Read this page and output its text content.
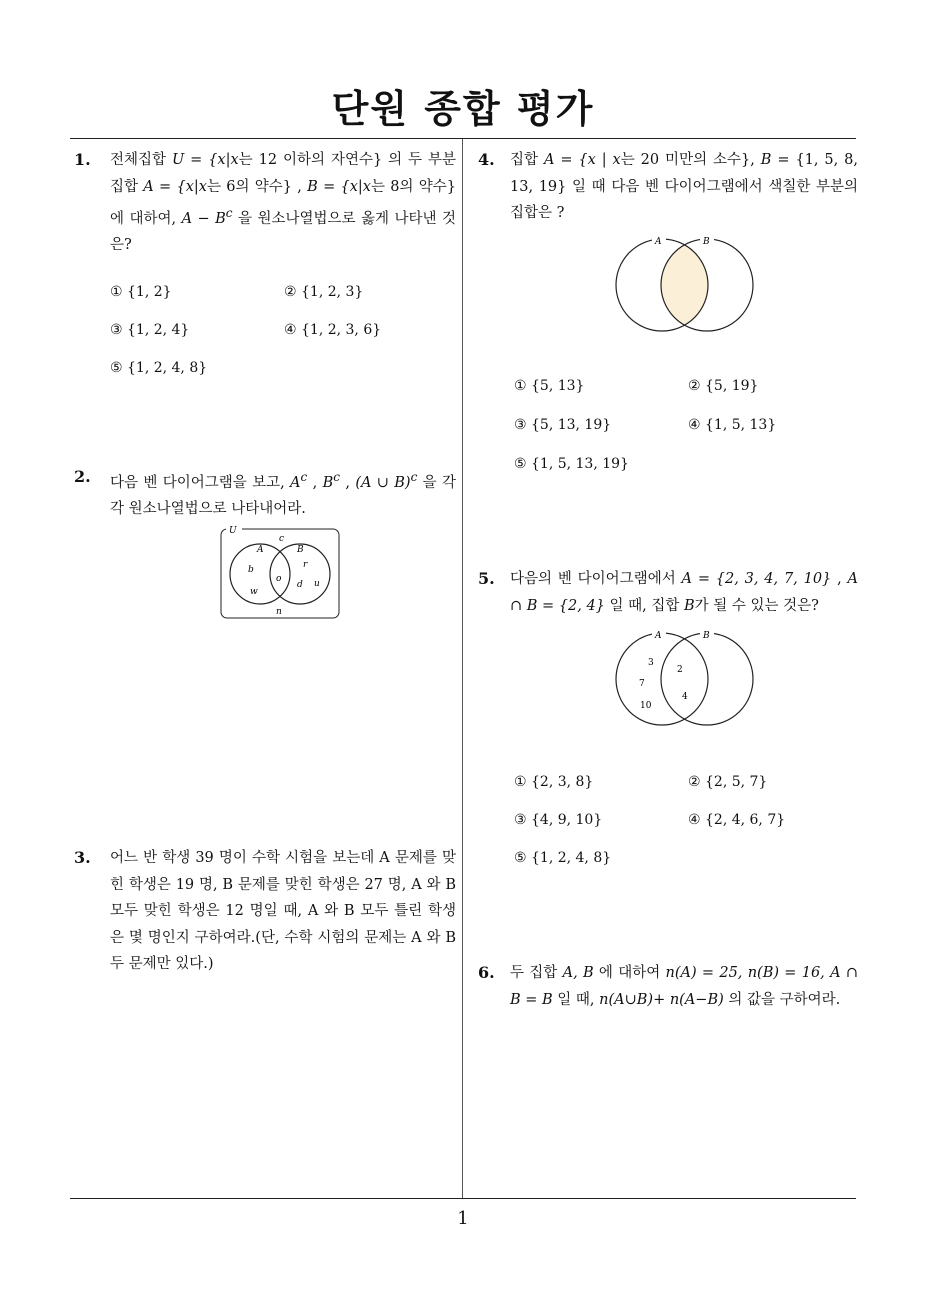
단원 종합 평가
1
1. 전체집합 U = {x|x는 12 이하의 자연수} 의 두 부분 집합 A = {x|x는 6의 약수} , B = {x|x는 8의 약수} 에 대하여, $A - B^c$ 을 원소나열법으로 옳게 나타낸 것은?
① {1, 2}	② {1, 2, 3}
③ {1, 2, 4}	④ {1, 2, 3, 6}
⑤ {1, 2, 4, 8}
2. 다음 벤 다이어그램을 보고, $A^c$ , $B^c$ , (A ∪ B)$^c$ 을 각각 원소나열법으로 나타내어라.
U
A	B
c
b
w
o
r
d u
n
3. 어느 반 학생 39 명이 수학 시험을 보는데 A 문제를 맞힌 학생은 19 명, B 문제를 맞힌 학생은 27 명, A 와 B 모두 맞힌 학생은 12 명일 때, A 와 B 모두 틀린 학생은 몇 명인지 구하여라.(단, 수학 시험의 문제는 A 와 B 두 문제만 있다.)
4. 집합 A = {x | x는 20 미만의 소수}, B = {1, 5, 8, 13, 19} 일 때 다음 벤 다이어그램에서 색칠한 부분의 집합은 ?
A	B
① {5, 13}	② {5, 19}
③ {5, 13, 19}	④ {1, 5, 13}
⑤ {1, 5, 13, 19}
5. 다음의 벤 다이어그램에서 A = {2, 3, 4, 7, 10} , A ∩ B = {2, 4} 일 때, 집합 B가 될 수 있는 것은?
A	B
3
7
10
2
4
① {2, 3, 8}	② {2, 5, 7}
③ {4, 9, 10}	④ {2, 4, 6, 7}
⑤ {1, 2, 4, 8}
6. 두 집합 A, B 에 대하여 n(A) = 25, n(B) = 16, A ∩ B = B 일 때, n(A∪B)+ n(A−B) 의 값을 구하여라.
